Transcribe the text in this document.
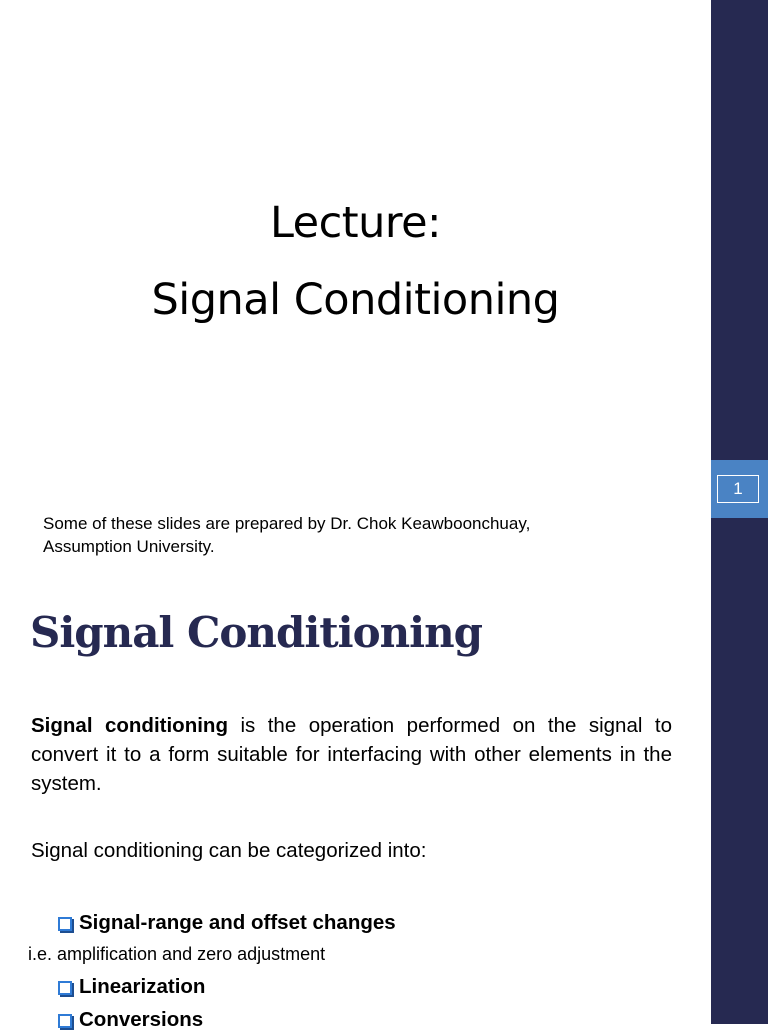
1
Lecture:
Signal Conditioning
Some of these slides are prepared by Dr. Chok Keawboonchuay,
Assumption University.
Signal Conditioning

Signal conditioning is the operation performed on the signal to convert it to a form suitable for interfacing with other elements in the system.

Signal conditioning can be categorized into:

Signal-range and offset changes

i.e. amplification and zero adjustment

Linearization

Conversions
